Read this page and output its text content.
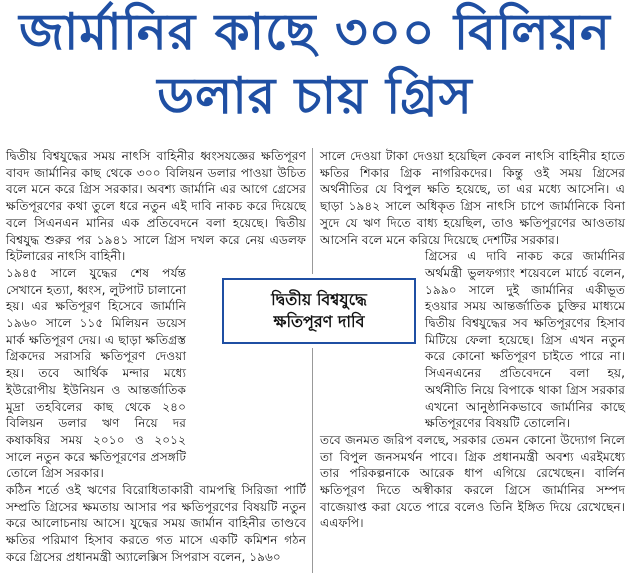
জার্মানির কাছে ৩০০ বিলিয়ন
ডলার চায় গ্রিস

দ্বিতীয় বিশ্বযুদ্ধের সময় নাৎসি বাহিনীর ধ্বংসযজ্ঞের ক্ষতিপূরণ বাবদ জার্মানির কাছ থেকে ৩০০ বিলিয়ন ডলার পাওয়া উচিত বলে মনে করে গ্রিস সরকার। অবশ্য জার্মানি এর আগে গ্রেসের ক্ষতিপূরণের কথা তুলে ধরে নতুন এই দাবি নাকচ করে দিয়েছে বলে সিএনএন মানির এক প্রতিবেদনে বলা হয়েছে। দ্বিতীয় বিশ্বযুদ্ধ শুরুর পর ১৯৪১ সালে গ্রিস দখল করে নেয় এডলফ হিটলারের নাৎসি বাহিনী।

১৯৪৫ সালে যুদ্ধের শেষ পর্যন্ত সেখানে হত্যা, ধ্বংস, লুটপাট চালানো হয়। এর ক্ষতিপূরণ হিসেবে জার্মানি ১৯৬০ সালে ১১৫ মিলিয়ন ডয়েস মার্ক ক্ষতিপূরণ দেয়। এ ছাড়া ক্ষতিগ্রস্ত গ্রিকদের সরাসরি ক্ষতিপূরণ দেওয়া হয়। তবে আর্থিক মন্দার মধ্যে ইউরোপীয় ইউনিয়ন ও আন্তর্জাতিক মুদ্রা তহবিলের কাছ থেকে ২৪০ বিলিয়ন ডলার ঋণ নিয়ে দর কষাকষির সময় ২০১০ ও ২০১২ সালে নতুন করে ক্ষতিপূরণের প্রসঙ্গটি তোলে গ্রিস সরকার।

কঠিন শর্তে ওই ঋণের বিরোধিতাকারী বামপন্থি সিরিজা পার্টি সম্প্রতি গ্রিসের ক্ষমতায় আসার পর ক্ষতিপূরণের বিষয়টি নতুন করে আলোচনায় আসে। যুদ্ধের সময় জার্মান বাহিনীর তাণ্ডবে ক্ষতির পরিমাণ হিসাব করতে গত মাসে একটি কমিশন গঠন করে গ্রিসের প্রধানমন্ত্রী অ্যালেক্সিস সিপরাস বলেন, ১৯৬০

সালে দেওয়া টাকা দেওয়া হয়েছিল কেবল নাৎসি বাহিনীর হাতে ক্ষতির শিকার গ্রিক নাগরিকদের। কিন্তু ওই সময় গ্রিসের অর্থনীতির যে বিপুল ক্ষতি হয়েছে, তা এর মধ্যে আসেনি। এ ছাড়া ১৯৪২ সালে অধিকৃত গ্রিস নাৎসি চাপে জার্মানিকে বিনা সুদে যে ঋণ দিতে বাধ্য হয়েছিল, তাও ক্ষতিপূরণের আওতায় আসেনি বলে মনে করিয়ে দিয়েছে দেশটির সরকার।

গ্রিসের এ দাবি নাকচ করে জার্মানির অর্থমন্ত্রী ভুলফগ্যাং শয়েবলে মার্চে বলেন, ১৯৯০ সালে দুই জার্মানির একীভূত হওয়ার সময় আন্তর্জাতিক চুক্তির মাধ্যমে দ্বিতীয় বিশ্বযুদ্ধের সব ক্ষতিপূরণের হিসাব মিটিয়ে ফেলা হয়েছে। গ্রিস এখন নতুন করে কোনো ক্ষতিপূরণ চাইতে পারে না। সিএনএনের প্রতিবেদনে বলা হয়, অর্থনীতি নিয়ে বিপাকে থাকা গ্রিস সরকার এখনো আনুষ্ঠানিকভাবে জার্মানির কাছে ক্ষতিপূরণের বিষয়টি তোলেনি।

তবে জনমত জরিপ বলছে, সরকার তেমন কোনো উদ্যোগ নিলে তা বিপুল জনসমর্থন পাবে। গ্রিক প্রধানমন্ত্রী অবশ্য এরইমধ্যে তার পরিকল্পনাকে আরেক ধাপ এগিয়ে রেখেছেন। বার্লিন ক্ষতিপূরণ দিতে অস্বীকার করলে গ্রিসে জার্মানির সম্পদ বাজেয়াপ্ত করা যেতে পারে বলেও তিনি ইঙ্গিত দিয়ে রেখেছেন। এএফপি।

দ্বিতীয় বিশ্বযুদ্ধে
ক্ষতিপূরণ দাবি
